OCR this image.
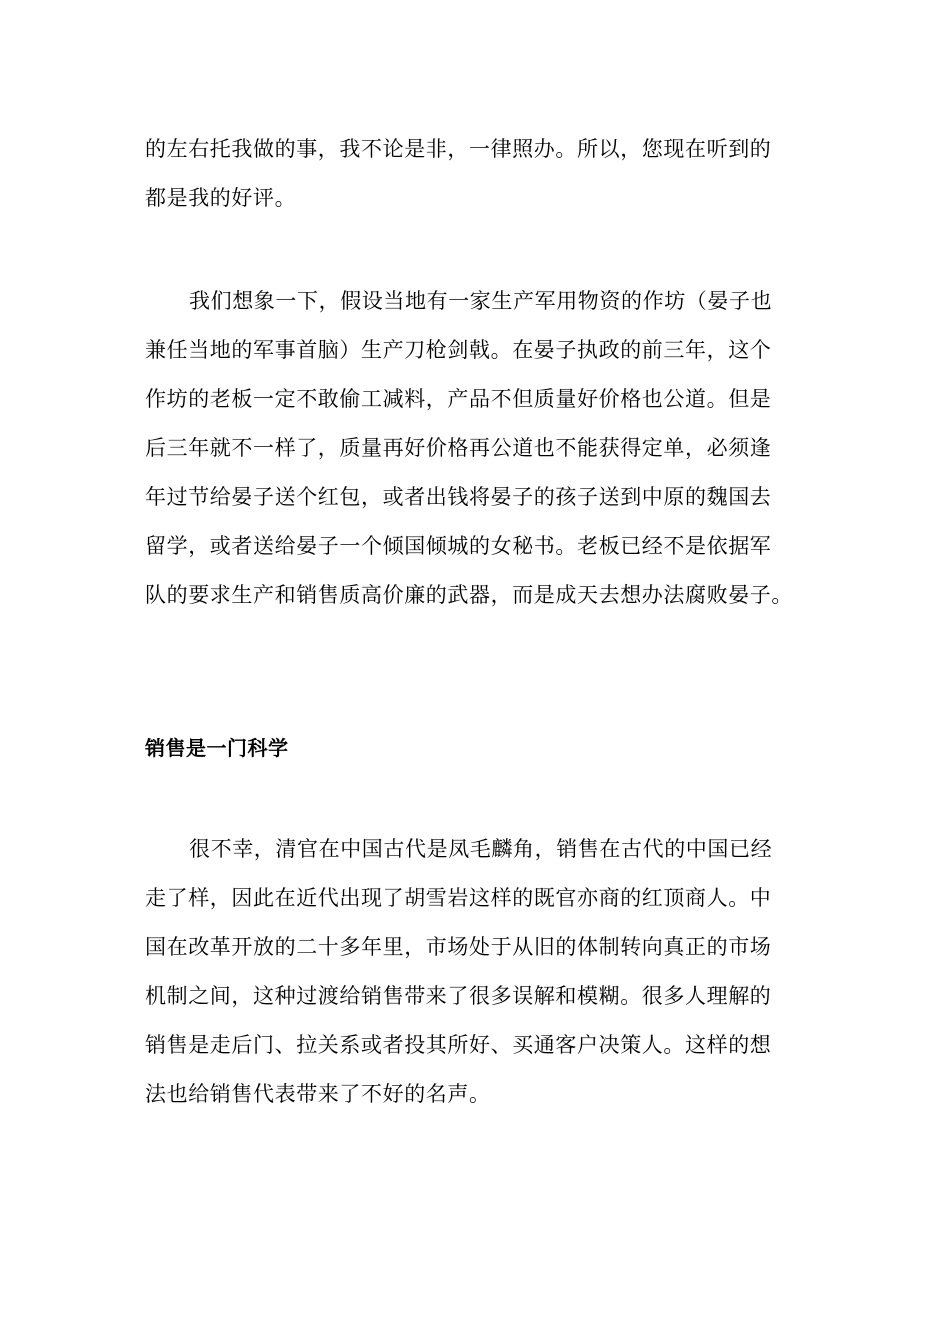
的左右托我做的事，我不论是非，一律照办。所以，您现在听到的
都是我的好评。
我们想象一下，假设当地有一家生产军用物资的作坊（晏子也
兼任当地的军事首脑）生产刀枪剑戟。在晏子执政的前三年，这个
作坊的老板一定不敢偷工减料，产品不但质量好价格也公道。但是
后三年就不一样了，质量再好价格再公道也不能获得定单，必须逢
年过节给晏子送个红包，或者出钱将晏子的孩子送到中原的魏国去
留学，或者送给晏子一个倾国倾城的女秘书。老板已经不是依据军
队的要求生产和销售质高价廉的武器，而是成天去想办法腐败晏子。
销售是一门科学
很不幸，清官在中国古代是凤毛麟角，销售在古代的中国已经
走了样，因此在近代出现了胡雪岩这样的既官亦商的红顶商人。中
国在改革开放的二十多年里，市场处于从旧的体制转向真正的市场
机制之间，这种过渡给销售带来了很多误解和模糊。很多人理解的
销售是走后门、拉关系或者投其所好、买通客户决策人。这样的想
法也给销售代表带来了不好的名声。
